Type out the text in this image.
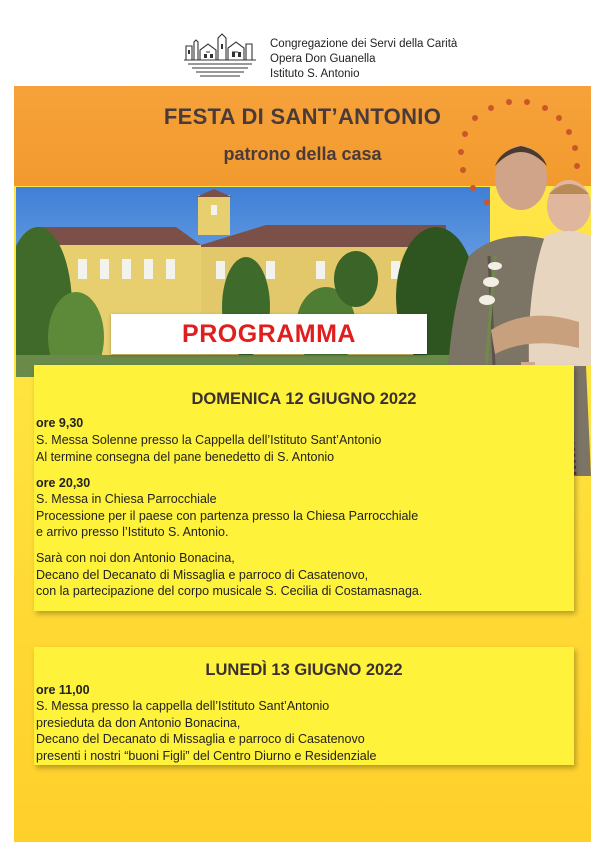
Congregazione dei Servi della Carità
Opera Don Guanella
Istituto S. Antonio
FESTA DI SANT’ANTONIO
patrono della casa
PROGRAMMA
DOMENICA 12 GIUGNO 2022
ore 9,30
S. Messa Solenne presso la Cappella dell’Istituto Sant’Antonio
Al termine consegna del pane benedetto di S. Antonio
ore 20,30
S. Messa in Chiesa Parrocchiale
Processione per il paese con partenza presso la Chiesa Parrocchiale
e arrivo presso l’Istituto S. Antonio.
Sarà con noi don Antonio Bonacina,
Decano del Decanato di Missaglia e parroco di Casatenovo,
con la partecipazione del corpo musicale S. Cecilia di Costamasnaga.
LUNEDÌ 13 GIUGNO 2022
ore 11,00
S. Messa presso la cappella dell’Istituto Sant’Antonio
presieduta da don Antonio Bonacina,
Decano del Decanato di Missaglia e parroco di Casatenovo
presenti i nostri “buoni Figli” del Centro Diurno e Residenziale
